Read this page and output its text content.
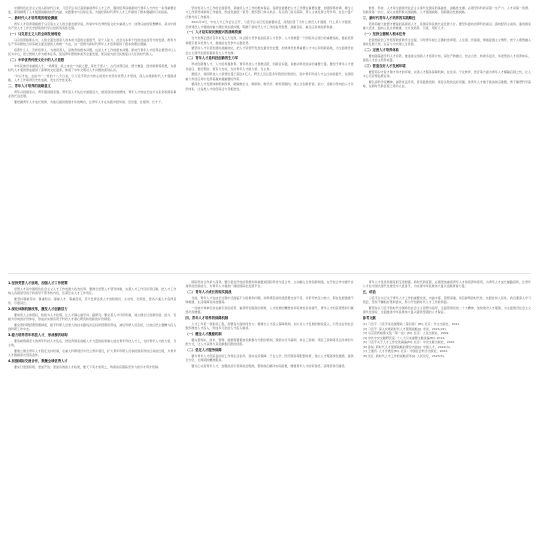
中国特色社会主义进入新时代以来，习近平总书记高度重视青年人才工作，围绕培养造就新时代青年人才作出一系列重要论述，深刻阐明了人才强国战略的时代内涵、实践要求与目标任务，为做好新时代青年人才工作提供了根本遵循和行动指南。
一、新时代人才培养观的理论渊源
青年人才培养观植根于马克思主义人的全面发展学说，传承中华优秀传统文化中重视人才、选贤任能的思想精华，是对中国共产党人才工作历史经验的科学总结和创造性发展。
（一）马克思主义人的全面发展理论
马克思恩格斯认为，人的全面发展是人的本质力量的全面展开，是个人能力、社会关系和个性的自由而充分的发展。教育与生产劳动相结合是造就全面发展的人的唯一方法，这一思想为新时代青年人才培养提供了根本的理论遵循。
培养什么人、怎样培养人、为谁培养人，是教育的根本问题，也是人才工作的根本问题。新时代青年人才培养必须坚持以人民为中心，把立德树人作为根本任务，促进青年德智体美劳全面发展，使其成为担当民族复兴大任的时代新人。
（二）中华优秀传统文化中的人才思想
中华民族历来重视人才，“尚贤者，政之本也”“为政之要，莫先于得人”。古代选贤任能、德才兼备、因材施教等思想，为新时代人才观的形成提供了深厚的文化滋养，体现了中华文明对人才问题的深刻认识。
“功以才成，业由才广。”党的十八大以来，以习近平同志为核心的党中央坚持党管人才原则，深入实施新时代人才强国战略，人才工作取得历史性成就、发生历史性变革。
二、青年人才培养的战略意义
青年兴则国家兴，青年强则国家强。青年是人才队伍中最富活力、最具创造性的群体，青年人才的成长成才关系党和国家事业的长远发展。
要把握青年人才成长规律，为他们提供施展才华的舞台，让青年人才在实践中经风雨、见世面、壮筋骨、长才干。
坚持党对人才工作的全面领导，是做好人才工作的根本保证。各级党委要把人才工作摆在重要位置，加强统筹协调，健全人才工作领导体制和工作格局，形成党委统一领导、组织部门牵头抓总、有关部门各司其职、用人主体发挥主导作用、社会力量广泛参与的工作格局。
2021年9月，中央人才工作会议召开，习近平总书记发表重要讲话，深刻回答了为什么建设人才强国、什么是人才强国、怎样建设人才强国的重大理论和实践问题，明确了新时代人才工作的指导思想、战略目标、重点任务和政策举措。
（一）人才是实现民族振兴的战略资源
当今世界正经历百年未有之大变局，综合国力竞争说到底是人才竞争。人才是衡量一个国家综合国力的重要指标，谁能培养和吸引更多优秀人才，谁就能在竞争中占据优势。
要坚持人才引领发展的战略地位，把人才资源开发放在最优先位置，加快建设世界重要人才中心和创新高地，为全面建设社会主义现代化国家提供有力人才支撑。
（二）青年人才是科技创新的生力军
科技创新靠人才，人才培养靠教育。青年科技人才思维活跃、创新意识强，是推动科技进步的重要力量。要给予青年人才更多信任、更好帮助、更有力支持，支持青年人才挑大梁、当主角。
据统计，我国科技人力资源总量已超过1亿人，研发人员总量多年稳居世界首位，其中青年科技人才占比持续提升，在国家重大科技任务中发挥着越来越重要的作用。
要深化人才发展体制机制改革，破除唯论文、唯职称、唯学历、唯奖项倾向，建立以创新价值、能力、贡献为导向的人才评价体系，让各类人才的创造活力竞相迸发。
教育、科技、人才是全面建设社会主义现代化国家的基础性、战略性支撑。必须坚持科技是第一生产力、人才是第一资源、创新是第一动力，深入实施科教兴国战略、人才强国战略、创新驱动发展战略。
三、新时代青年人才培养的实践路径
培养造就大批德才兼备的高素质人才，是国家和民族长远发展大计。要坚持面向世界科技前沿、面向经济主战场、面向国家重大需求、面向人民生命健康，全方位培养、引进、用好人才。
（一）坚持立德树人根本任务
把思想政治工作贯穿教育教学全过程，引导青年树立正确的世界观、人生观、价值观，厚植爱国主义情怀，把个人理想融入国家发展大局，在奋斗中实现人生价值。
（二）完善人才培养体系
要加强基础学科人才培养，推进拔尖创新人才培养计划，深化产教融合、校企合作，构建多层次、多类型的人才培养体系，提高人才自主培养质量。
（三）营造良好人才发展环境
要营造识才爱才敬才用才的环境，完善人才服务保障机制，在住房、子女教育、医疗等方面为青年人才解除后顾之忧，让人才心无旁骛钻研业务。
要弘扬科学家精神，涵养优良学风，营造鼓励创新、宽容失败的良好氛围，使青年人才敢于挑战前沿难题，勇于攀登科学高峰，在新时代新征程上建功立业。
1.坚持党管人才原则，加强人才工作统筹
党管人才是中国特色社会主义人才工作的最大政治优势。要健全党管人才领导体制，完善人才工作目标责任制，把人才工作纳入各级领导班子和领导干部考核内容，压紧压实人才工作责任。
要坚持尊重劳动、尊重知识、尊重人才、尊重创造，充分发挥各类人才的积极性、主动性、创造性，使各方面人才各得其所、尽展其长。
2.深化体制机制改革，激发人才创新活力
要向用人主体授权，积极为人才松绑，让人才静心做学问、搞研究。要完善人才评价机制，建立健全以创新价值、能力、贡献为导向的评价体系，形成并实施有利于科技人才潜心研究和创新的评价制度。
要完善科研经费管理制度，赋予科研人员更大的技术路线决定权和经费使用权，减轻科研人员负担，让他们把主要精力投入到科研工作中去。
3.着力培养青年科技人才，形成梯次结构
要造就规模宏大的青年科技人才队伍，把培育国家战略人才力量的政策重心放在青年科技人才上，支持青年人才挑大梁、当主角。
要建立健全青年人才稳定支持机制，在重大科研项目中设立青年项目，扩大青年科研人员承担国家科技任务的比例，为青年人才脱颖而出创造条件。
4.加强国际交流合作，集聚全球优秀人才
要实行更加积极、更加开放、更加有效的人才政策，聚天下英才而用之，构建具有国际竞争力的引才用才机制。
国际科技合作是大趋势。要以更加开放的思维和举措推进国际科技交流合作，主动融入全球创新网络，在开放合作中提升自身科技创新能力，为青年人才提供广阔的国际化发展平台。
（二）青年人才成长的现实挑战
当前，青年人才在成长过程中还面临不少困难和问题，如科研起步阶段经费支持不足、评价考核压力较大、职业发展通道不够畅通、生活保障有待加强等。
一些地方和单位存在重引进轻培养、重使用轻服务的现象，人才政策的精准性和有效性有待提升，青年人才的获得感和归属感仍需增强。
四、青年人才培养的保障机制
人才工作是一项系统工程，需要各方面协同发力。要健全人才投入保障机制，加大对人才发展的财政投入，引导企业和社会组织增加人才投入，形成多元化的人才投入格局。
（一）健全人才激励机制
要完善知识、技术、管理、数据等要素按贡献参与分配的机制，探索实行年薪制、协议工资制、项目工资制等灵活多样的分配方式，让人才获得与其贡献相匹配的回报。
（二）优化人才服务保障
要为青年人才创造良好的工作和生活条件，落实住房保障、子女入学、医疗服务等配套政策，建立人才服务绿色通道，提供全方位、全周期的精准服务。
要关心关爱青年人才，加强政治引领和政治吸纳，帮助他们解决实际困难，增强青年人才的荣誉感、获得感和归属感。
青年人才是党和国家的宝贵财富。新时代新征程，必须更加重视青年人才的培养和使用，为青年人才成长铺路搭桥，让青年人才在中国式现代化建设中大显身手，为实现中华民族伟大复兴贡献青春力量。
五、结语
习近平总书记关于青年人才工作的重要论述，内涵丰富、思想深邃，具有鲜明的时代性、实践性和人民性。我们要深入学习领会，坚持不懈抓好贯彻落实，努力开创新时代人才工作新局面。
要坚持以习近平新时代中国特色社会主义思想为指导，全面贯彻党的二十大精神，加快建设人才强国，为全面建设社会主义现代化国家、全面推进中华民族伟大复兴提供坚强的人才保证。
参考文献
[1] 习近平. 习近平谈治国理政（第四卷）[M]. 北京：外文出版社，2022.
[2] 习近平. 深入实施新时代人才强国战略[J]. 求是，2021(24).
[3] 马克思恩格斯文集（第一卷）[M]. 北京：人民出版社，2009.
[4] 中共中央文献研究室. 十八大以来重要文献选编[M]. 2014.
[5] 习近平关于人才工作论述摘编[M]. 北京：中央文献出版社，2024.
[6] 孙锐. 新时代人才强国战略的理论内涵[J]. 中国人才，2022(3).
[7] 王通讯. 人才学通论[M]. 北京：中国社会科学出版社，2020.
[8] 吴江. 新时代人才工作的战略思考[J]. 人民论坛，2023(5).
